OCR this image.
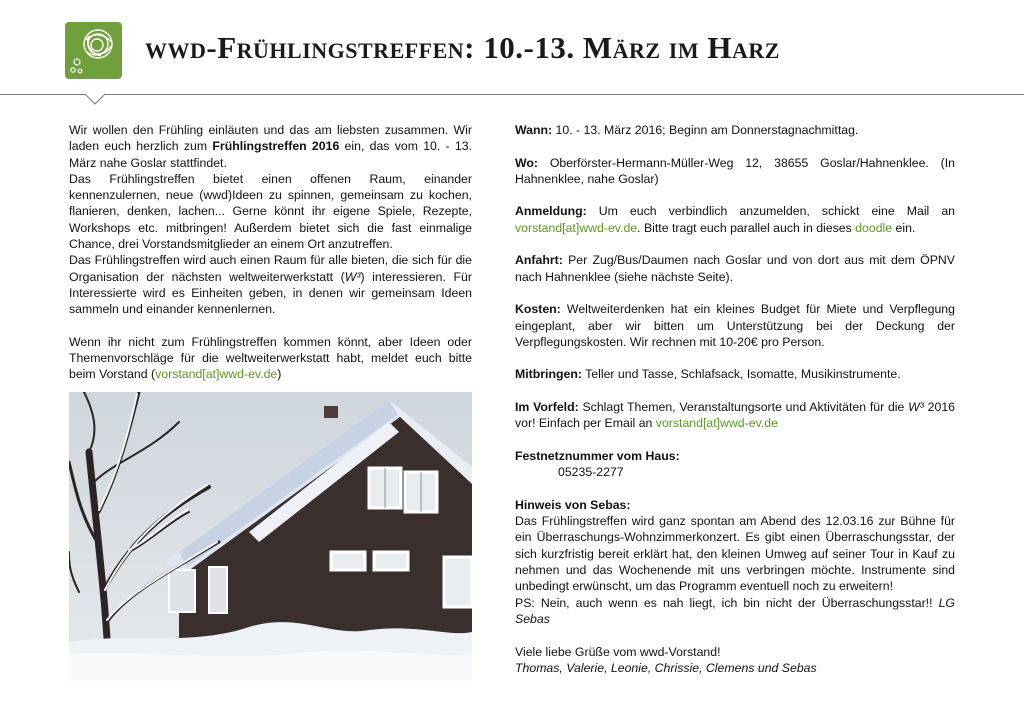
wwd-Frühlingstreffen: 10.-13. März im Harz

Wir wollen den Frühling einläuten und das am liebsten zusammen. Wir laden euch herzlich zum Frühlingstreffen 2016 ein, das vom 10. - 13. März nahe Goslar stattfindet.

Das Frühlingstreffen bietet einen offenen Raum, einander kennenzulernen, neue (wwd)Ideen zu spinnen, gemeinsam zu kochen, flanieren, denken, lachen... Gerne könnt ihr eigene Spiele, Rezepte, Workshops etc. mitbringen! Außerdem bietet sich die fast einmalige Chance, drei Vorstandsmitglieder an einem Ort anzutreffen.

Das Frühlingstreffen wird auch einen Raum für alle bieten, die sich für die Organisation der nächsten weltweiterwerkstatt (W³) interessieren. Für Interessierte wird es Einheiten geben, in denen wir gemeinsam Ideen sammeln und einander kennenlernen.

Wenn ihr nicht zum Frühlingstreffen kommen könnt, aber Ideen oder Themenvorschläge für die weltweiterwerkstatt habt, meldet euch bitte beim Vorstand (vorstand[at]wwd-ev.de)

Wann: 10. - 13. März 2016; Beginn am Donnerstagnachmittag.

Wo: Oberförster-Hermann-Müller-Weg 12, 38655 Goslar/Hahnenklee. (In Hahnenklee, nahe Goslar)

Anmeldung: Um euch verbindlich anzumelden, schickt eine Mail an vorstand[at]wwd-ev.de. Bitte tragt euch parallel auch in dieses doodle ein.

Anfahrt: Per Zug/Bus/Daumen nach Goslar und von dort aus mit dem ÖPNV nach Hahnenklee (siehe nächste Seite).

Kosten: Weltweiterdenken hat ein kleines Budget für Miete und Verpflegung eingeplant, aber wir bitten um Unterstützung bei der Deckung der Verpflegungskosten. Wir rechnen mit 10-20€ pro Person.

Mitbringen: Teller und Tasse, Schlafsack, Isomatte, Musikinstrumente.

Im Vorfeld: Schlagt Themen, Veranstaltungsorte und Aktivitäten für die W³ 2016 vor! Einfach per Email an vorstand[at]wwd-ev.de

Festnetznummer vom Haus:

05235-2277

Hinweis von Sebas:

Das Frühlingstreffen wird ganz spontan am Abend des 12.03.16 zur Bühne für ein Überraschungs-Wohnzimmerkonzert. Es gibt einen Überraschungsstar, der sich kurzfristig bereit erklärt hat, den kleinen Umweg auf seiner Tour in Kauf zu nehmen und das Wochenende mit uns verbringen möchte. Instrumente sind unbedingt erwünscht, um das Programm eventuell noch zu erweitern!

PS: Nein, auch wenn es nah liegt, ich bin nicht der Überraschungsstar!! LG Sebas

Viele liebe Grüße vom wwd-Vorstand!

Thomas, Valerie, Leonie, Chrissie, Clemens und Sebas
